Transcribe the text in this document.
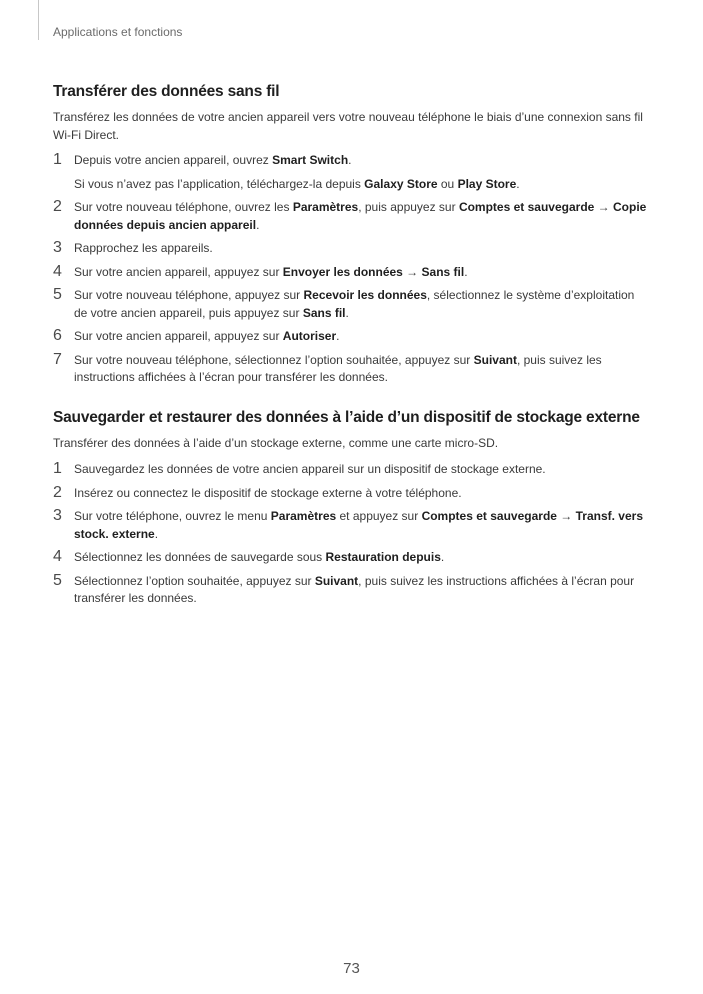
Applications et fonctions
Transférer des données sans fil

Transférez les données de votre ancien appareil vers votre nouveau téléphone le biais d’une connexion sans fil Wi-Fi Direct.

1 Depuis votre ancien appareil, ouvrez Smart Switch.
Si vous n’avez pas l’application, téléchargez-la depuis Galaxy Store ou Play Store.
2 Sur votre nouveau téléphone, ouvrez les Paramètres, puis appuyez sur Comptes et sauvegarde → Copie données depuis ancien appareil.
3 Rapprochez les appareils.
4 Sur votre ancien appareil, appuyez sur Envoyer les données → Sans fil.
5 Sur votre nouveau téléphone, appuyez sur Recevoir les données, sélectionnez le système d’exploitation de votre ancien appareil, puis appuyez sur Sans fil.
6 Sur votre ancien appareil, appuyez sur Autoriser.
7 Sur votre nouveau téléphone, sélectionnez l’option souhaitée, appuyez sur Suivant, puis suivez les instructions affichées à l’écran pour transférer les données.
Sauvegarder et restaurer des données à l’aide d’un dispositif de stockage externe

Transférer des données à l’aide d’un stockage externe, comme une carte micro-SD.

1 Sauvegardez les données de votre ancien appareil sur un dispositif de stockage externe.
2 Insérez ou connectez le dispositif de stockage externe à votre téléphone.
3 Sur votre téléphone, ouvrez le menu Paramètres et appuyez sur Comptes et sauvegarde → Transf. vers stock. externe.
4 Sélectionnez les données de sauvegarde sous Restauration depuis.
5 Sélectionnez l’option souhaitée, appuyez sur Suivant, puis suivez les instructions affichées à l’écran pour transférer les données.
73
